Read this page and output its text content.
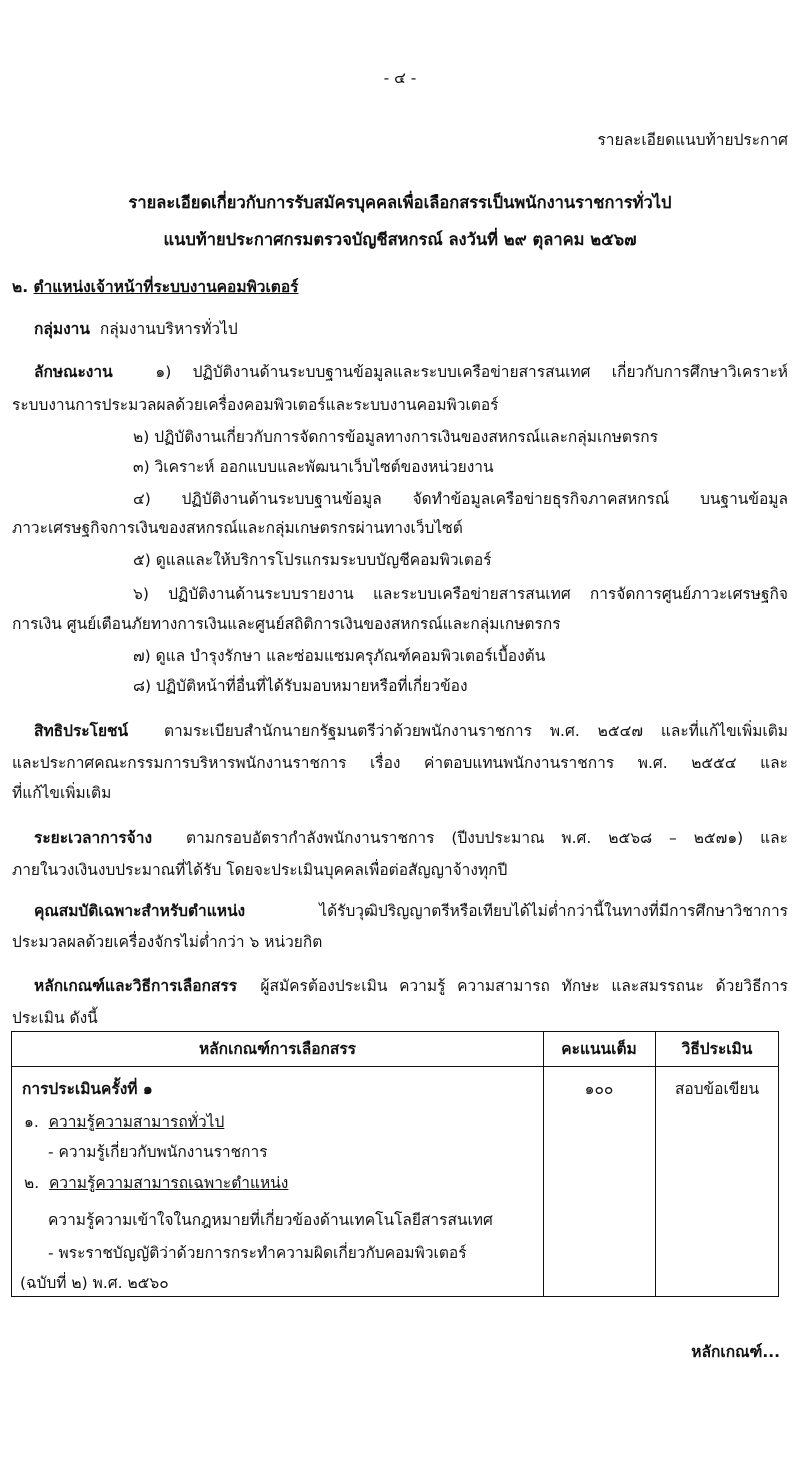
- ๔ -
รายละเอียดแนบท้ายประกาศ
รายละเอียดเกี่ยวกับการรับสมัครบุคคลเพื่อเลือกสรรเป็นพนักงานราชการทั่วไป
แนบท้ายประกาศกรมตรวจบัญชีสหกรณ์ ลงวันที่ ๒๙ ตุลาคม ๒๕๖๗
๒. ตำแหน่งเจ้าหน้าที่ระบบงานคอมพิวเตอร์
กลุ่มงาน กลุ่มงานบริหารทั่วไป
ลักษณะงาน	๑) ปฏิบัติงานด้านระบบฐานข้อมูลและระบบเครือข่ายสารสนเทศ เกี่ยวกับการศึกษาวิเคราะห์
ระบบงานการประมวลผลด้วยเครื่องคอมพิวเตอร์และระบบงานคอมพิวเตอร์
๒) ปฏิบัติงานเกี่ยวกับการจัดการข้อมูลทางการเงินของสหกรณ์และกลุ่มเกษตรกร
๓) วิเคราะห์ ออกแบบและพัฒนาเว็บไซต์ของหน่วยงาน
๔) ปฏิบัติงานด้านระบบฐานข้อมูล จัดทำข้อมูลเครือข่ายธุรกิจภาคสหกรณ์ บนฐานข้อมูล
ภาวะเศรษฐกิจการเงินของสหกรณ์และกลุ่มเกษตรกรผ่านทางเว็บไซต์
๕) ดูแลและให้บริการโปรแกรมระบบบัญชีคอมพิวเตอร์
๖) ปฏิบัติงานด้านระบบรายงาน และระบบเครือข่ายสารสนเทศ การจัดการศูนย์ภาวะเศรษฐกิจ
การเงิน ศูนย์เตือนภัยทางการเงินและศูนย์สถิติการเงินของสหกรณ์และกลุ่มเกษตรกร
๗) ดูแล บำรุงรักษา และซ่อมแซมครุภัณฑ์คอมพิวเตอร์เบื้องต้น
๘) ปฏิบัติหน้าที่อื่นที่ได้รับมอบหมายหรือที่เกี่ยวข้อง
สิทธิประโยชน์ ตามระเบียบสำนักนายกรัฐมนตรีว่าด้วยพนักงานราชการ พ.ศ. ๒๕๔๗ และที่แก้ไขเพิ่มเติม
และประกาศคณะกรรมการบริหารพนักงานราชการ เรื่อง ค่าตอบแทนพนักงานราชการ พ.ศ. ๒๕๕๔ และ
ที่แก้ไขเพิ่มเติม
ระยะเวลาการจ้าง ตามกรอบอัตรากำลังพนักงานราชการ (ปีงบประมาณ พ.ศ. ๒๕๖๘ – ๒๕๗๑) และ
ภายในวงเงินงบประมาณที่ได้รับ โดยจะประเมินบุคคลเพื่อต่อสัญญาจ้างทุกปี
คุณสมบัติเฉพาะสำหรับตำแหน่ง	ได้รับวุฒิปริญญาตรีหรือเทียบได้ไม่ต่ำกว่านี้ในทางที่มีการศึกษาวิชาการ
ประมวลผลด้วยเครื่องจักรไม่ต่ำกว่า ๖ หน่วยกิต
หลักเกณฑ์และวิธีการเลือกสรร ผู้สมัครต้องประเมิน ความรู้ ความสามารถ ทักษะ และสมรรถนะ ด้วยวิธีการ
ประเมิน ดังนี้
หลักเกณฑ์การเลือกสรร	คะแนนเต็ม	วิธีประเมิน
การประเมินครั้งที่ ๑	๑๐๐	สอบข้อเขียน
๑. ความรู้ความสามารถทั่วไป
- ความรู้เกี่ยวกับพนักงานราชการ
๒. ความรู้ความสามารถเฉพาะตำแหน่ง
ความรู้ความเข้าใจในกฎหมายที่เกี่ยวข้องด้านเทคโนโลยีสารสนเทศ
- พระราชบัญญัติว่าด้วยการกระทำความผิดเกี่ยวกับคอมพิวเตอร์
(ฉบับที่ ๒) พ.ศ. ๒๕๖๐
หลักเกณฑ์...
